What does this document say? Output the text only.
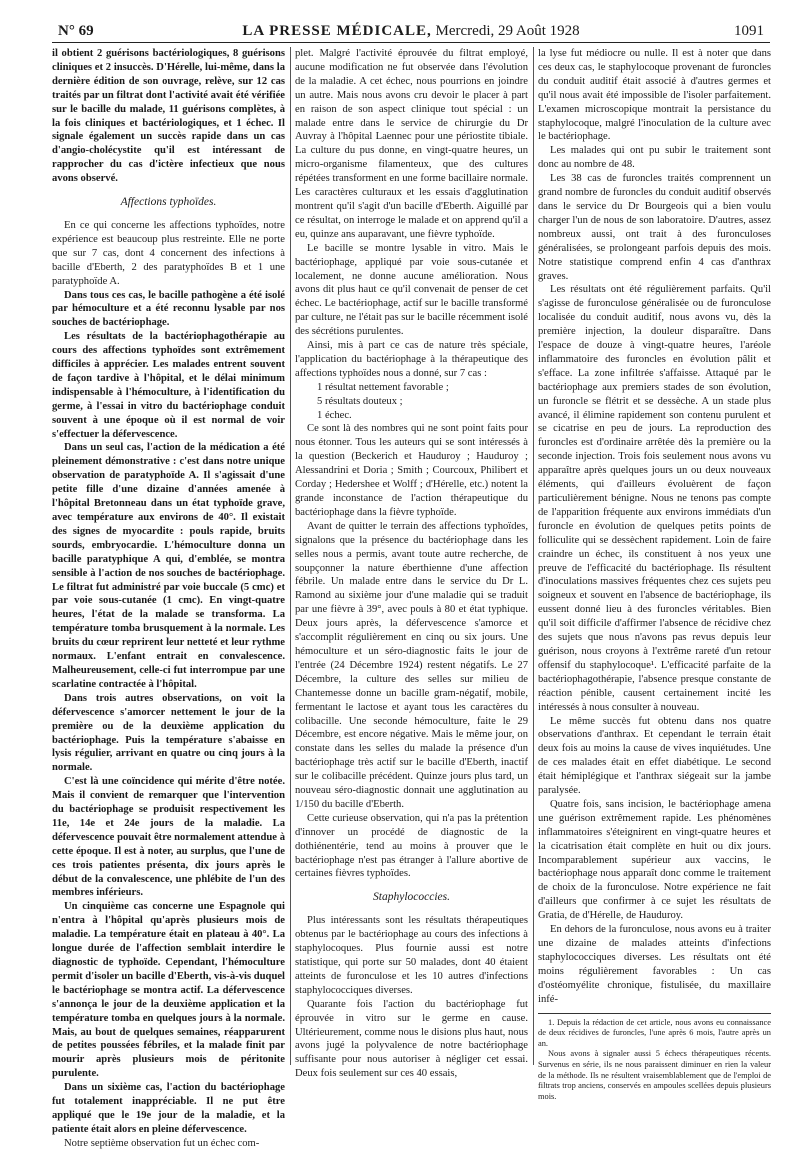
N° 69	LA PRESSE MÉDICALE, Mercredi, 29 Août 1928	1091

il obtient 2 guérisons bactériologiques, 8 guérisons cliniques et 2 insuccès. D'Hérelle, lui-même, dans la dernière édition de son ouvrage, relève, sur 12 cas traités par un filtrat dont l'activité avait été vérifiée sur le bacille du malade, 11 guérisons complètes, à la fois cliniques et bactériologiques, et 1 échec. Il signale également un succès rapide dans un cas d'angio-cholécystite qu'il est intéressant de rapprocher du cas d'ictère infectieux que nous avons observé.

Affections typhoïdes.

En ce qui concerne les affections typhoïdes, notre expérience est beaucoup plus restreinte. Elle ne porte que sur 7 cas, dont 4 concernent des infections à bacille d'Eberth, 2 des paratyphoïdes B et 1 une paratyphoïde A.

Dans tous ces cas, le bacille pathogène a été isolé par hémoculture et a été reconnu lysable par nos souches de bactériophage.

Les résultats de la bactériophagothérapie au cours des affections typhoïdes sont extrêmement difficiles à apprécier. Les malades entrent souvent de façon tardive à l'hôpital, et le délai minimum indispensable à l'hémoculture, à l'identification du germe, à l'essai in vitro du bactériophage conduit souvent à une époque où il est normal de voir s'effectuer la défervescence.

Dans un seul cas, l'action de la médication a été pleinement démonstrative : c'est dans notre unique observation de paratyphoïde A. Il s'agissait d'une petite fille d'une dizaine d'années amenée à l'hôpital Bretonneau dans un état typhoïde grave, avec température aux environs de 40°. Il existait des signes de myocardite : pouls rapide, bruits sourds, embryocardie. L'hémoculture donna un bacille paratyphique A qui, d'emblée, se montra sensible à l'action de nos souches de bactériophage. Le filtrat fut administré par voie buccale (5 cmc) et par voie sous-cutanée (1 cmc). En vingt-quatre heures, l'état de la malade se transforma. La température tomba brusquement à la normale. Les bruits du cœur reprirent leur netteté et leur rythme normaux. L'enfant entrait en convalescence. Malheureusement, celle-ci fut interrompue par une scarlatine contractée à l'hôpital.

Dans trois autres observations, on voit la défervescence s'amorcer nettement le jour de la première ou de la deuxième application du bactériophage. Puis la température s'abaisse en lysis régulier, arrivant en quatre ou cinq jours à la normale.

C'est là une coïncidence qui mérite d'être notée. Mais il convient de remarquer que l'intervention du bactériophage se produisit respectivement les 11e, 14e et 24e jours de la maladie. La défervescence pouvait être normalement attendue à cette époque. Il est à noter, au surplus, que l'une de ces trois patientes présenta, dix jours après le début de la convalescence, une phlébite de l'un des membres inférieurs.

Un cinquième cas concerne une Espagnole qui n'entra à l'hôpital qu'après plusieurs mois de maladie. La température était en plateau à 40°. La longue durée de l'affection semblait interdire le diagnostic de typhoïde. Cependant, l'hémoculture permit d'isoler un bacille d'Eberth, vis-à-vis duquel le bactériophage se montra actif. La défervescence s'annonça le jour de la deuxième application et la température tomba en quelques jours à la normale. Mais, au bout de quelques semaines, réapparurent de petites poussées fébriles, et la malade finit par mourir après plusieurs mois de péritonite purulente.

Dans un sixième cas, l'action du bactériophage fut totalement inappréciable. Il ne put être appliqué que le 19e jour de la maladie, et la patiente était alors en pleine défervescence.

Notre septième observation fut un échec com-

plet. Malgré l'activité éprouvée du filtrat employé, aucune modification ne fut observée dans l'évolution de la maladie. A cet échec, nous pourrions en joindre un autre. Mais nous avons cru devoir le placer à part en raison de son aspect clinique tout spécial : un malade entre dans le service de chirurgie du Dr Auvray à l'hôpital Laennec pour une périostite tibiale. La culture du pus donne, en vingt-quatre heures, un micro-organisme filamenteux, que des cultures répétées transforment en une forme bacillaire normale. Les caractères culturaux et les essais d'agglutination montrent qu'il s'agit d'un bacille d'Eberth. Aiguillé par ce résultat, on interroge le malade et on apprend qu'il a eu, quinze ans auparavant, une fièvre typhoïde.

Le bacille se montre lysable in vitro. Mais le bactériophage, appliqué par voie sous-cutanée et localement, ne donne aucune amélioration. Nous avons dit plus haut ce qu'il convenait de penser de cet échec. Le bactériophage, actif sur le bacille transformé par culture, ne l'était pas sur le bacille récemment isolé des sécrétions purulentes.

Ainsi, mis à part ce cas de nature très spéciale, l'application du bactériophage à la thérapeutique des affections typhoïdes nous a donné, sur 7 cas :

1 résultat nettement favorable ;
5 résultats douteux ;
1 échec.

Ce sont là des nombres qui ne sont point faits pour nous étonner. Tous les auteurs qui se sont intéressés à la question (Beckerich et Hauduroy ; Hauduroy ; Alessandrini et Doria ; Smith ; Courcoux, Philibert et Corday ; Hedershee et Wolff ; d'Hérelle, etc.) notent la grande inconstance de l'action thérapeutique du bactériophage dans la fièvre typhoïde.

Avant de quitter le terrain des affections typhoïdes, signalons que la présence du bactériophage dans les selles nous a permis, avant toute autre recherche, de soupçonner la nature éberthienne d'une affection fébrile. Un malade entre dans le service du Dr L. Ramond au sixième jour d'une maladie qui se traduit par une fièvre à 39°, avec pouls à 80 et état typhique. Deux jours après, la défervescence s'amorce et s'accomplit régulièrement en cinq ou six jours. Une hémoculture et un séro-diagnostic faits le jour de l'entrée (24 Décembre 1924) restent négatifs. Le 27 Décembre, la culture des selles sur milieu de Chantemesse donne un bacille gram-négatif, mobile, fermentant le lactose et ayant tous les caractères du colibacille. Une seconde hémoculture, faite le 29 Décembre, est encore négative. Mais le même jour, on constate dans les selles du malade la présence d'un bactériophage très actif sur le bacille d'Eberth, inactif sur le colibacille précédent. Quinze jours plus tard, un nouveau séro-diagnostic donnait une agglutination au 1/150 du bacille d'Eberth.

Cette curieuse observation, qui n'a pas la prétention d'innover un procédé de diagnostic de la dothiénentérie, tend au moins à prouver que le bactériophage n'est pas étranger à l'allure abortive de certaines fièvres typhoïdes.

Staphylococcies.

Plus intéressants sont les résultats thérapeutiques obtenus par le bactériophage au cours des infections à staphylocoques. Plus fournie aussi est notre statistique, qui porte sur 50 malades, dont 40 étaient atteints de furonculose et les 10 autres d'infections staphylococciques diverses.

Quarante fois l'action du bactériophage fut éprouvée in vitro sur le germe en cause. Ultérieurement, comme nous le disions plus haut, nous avons jugé la polyvalence de notre bactériophage suffisante pour nous autoriser à négliger cet essai. Deux fois seulement sur ces 40 essais,

la lyse fut médiocre ou nulle. Il est à noter que dans ces deux cas, le staphylocoque provenant de furoncles du conduit auditif était associé à d'autres germes et qu'il nous avait été impossible de l'isoler parfaitement. L'examen microscopique montrait la persistance du staphylocoque, malgré l'inoculation de la culture avec le bactériophage.

Les malades qui ont pu subir le traitement sont donc au nombre de 48.

Les 38 cas de furoncles traités comprennent un grand nombre de furoncles du conduit auditif observés dans le service du Dr Bourgeois qui a bien voulu charger l'un de nous de son laboratoire. D'autres, assez nombreux aussi, ont trait à des furonculoses généralisées, se prolongeant parfois depuis des mois. Notre statistique comprend enfin 4 cas d'anthrax graves.

Les résultats ont été régulièrement parfaits. Qu'il s'agisse de furonculose généralisée ou de furonculose localisée du conduit auditif, nous avons vu, dès la première injection, la douleur disparaître. Dans l'espace de douze à vingt-quatre heures, l'aréole inflammatoire des furoncles en évolution pâlit et s'efface. La zone infiltrée s'affaisse. Attaqué par le bactériophage aux premiers stades de son évolution, un furoncle se flétrit et se dessèche. A un stade plus avancé, il élimine rapidement son contenu purulent et se cicatrise en peu de jours. La reproduction des furoncles est d'ordinaire arrêtée dès la première ou la seconde injection. Trois fois seulement nous avons vu apparaître après quelques jours un ou deux nouveaux éléments, qui d'ailleurs évoluèrent de façon particulièrement bénigne. Nous ne tenons pas compte de l'apparition fréquente aux environs immédiats d'un furoncle en évolution de quelques petits points de folliculite qui se dessèchent rapidement. Loin de faire craindre un échec, ils constituent à nos yeux une preuve de l'efficacité du bactériophage. Ils résultent d'inoculations massives fréquentes chez ces sujets peu soigneux et souvent en l'absence de bactériophage, ils eussent donné lieu à des furoncles véritables. Bien qu'il soit difficile d'affirmer l'absence de récidive chez des sujets que nous n'avons pas revus depuis leur guérison, nous croyons à l'extrême rareté d'un retour offensif du staphylocoque¹. L'efficacité parfaite de la bactériophagothérapie, l'absence presque constante de réaction pénible, causent certainement incité les intéressés à nous consulter à nouveau.

Le même succès fut obtenu dans nos quatre observations d'anthrax. Et cependant le terrain était deux fois au moins la cause de vives inquiétudes. Une de ces malades était en effet diabétique. Le second était hémiplégique et l'anthrax siégeait sur la jambe paralysée.

Quatre fois, sans incision, le bactériophage amena une guérison extrêmement rapide. Les phénomènes inflammatoires s'éteignirent en vingt-quatre heures et la cicatrisation était complète en huit ou dix jours. Incomparablement supérieur aux vaccins, le bactériophage nous apparaît donc comme le traitement de choix de la furonculose. Notre expérience ne fait d'ailleurs que confirmer à ce sujet les résultats de Gratia, de d'Hérelle, de Hauduroy.

En dehors de la furonculose, nous avons eu à traiter une dizaine de malades atteints d'infections staphylococciques diverses. Les résultats ont été moins régulièrement favorables : Un cas d'ostéomyélite chronique, fistulisée, du maxillaire infé-

1. Depuis la rédaction de cet article, nous avons eu connaissance de deux récidives de furoncles, l'une après 6 mois, l'autre après un an.

Nous avons à signaler aussi 5 échecs thérapeutiques récents. Survenus en série, ils ne nous paraissent diminuer en rien la valeur de la méthode. Ils ne résultent vraisemblablement que de l'emploi de filtrats trop anciens, conservés en ampoules scellées depuis plusieurs mois.
